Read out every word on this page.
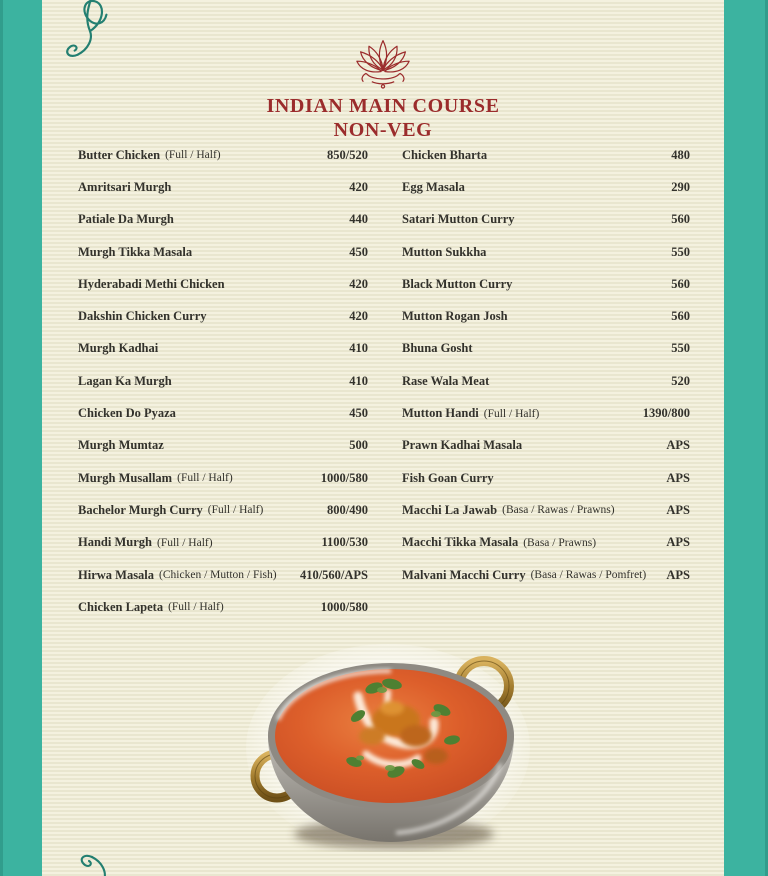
INDIAN MAIN COURSE
NON-VEG
Butter Chicken (Full / Half)	850/520
Amritsari Murgh	420
Patiale Da Murgh	440
Murgh Tikka Masala	450
Hyderabadi Methi Chicken	420
Dakshin Chicken Curry	420
Murgh Kadhai	410
Lagan Ka Murgh	410
Chicken Do Pyaza	450
Murgh Mumtaz	500
Murgh Musallam (Full / Half)	1000/580
Bachelor Murgh Curry (Full / Half)	800/490
Handi Murgh (Full / Half)	1100/530
Hirwa Masala (Chicken / Mutton / Fish)	410/560/APS
Chicken Lapeta (Full / Half)	1000/580
Chicken Bharta	480
Egg Masala	290
Satari Mutton Curry	560
Mutton Sukkha	550
Black Mutton Curry	560
Mutton Rogan Josh	560
Bhuna Gosht	550
Rase Wala Meat	520
Mutton Handi (Full / Half)	1390/800
Prawn Kadhai Masala	APS
Fish Goan Curry	APS
Macchi La Jawab (Basa / Rawas / Prawns)	APS
Macchi Tikka Masala (Basa / Prawns)	APS
Malvani Macchi Curry (Basa / Rawas / Pomfret)	APS
